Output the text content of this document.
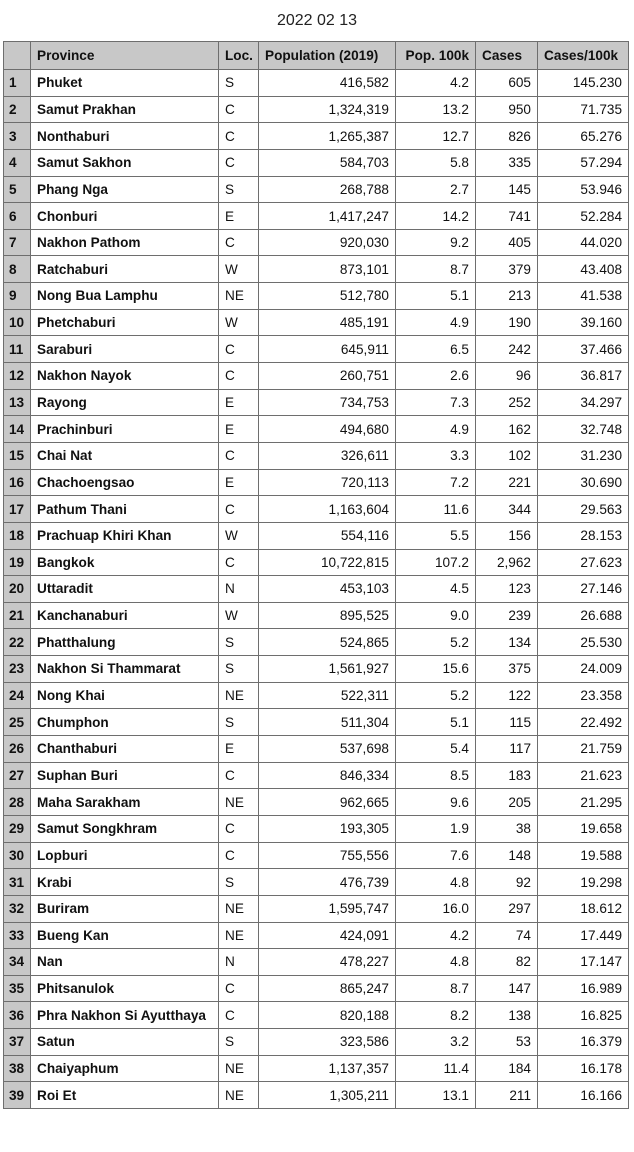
2022 02 13
	Province	Loc.	Population (2019)	Pop. 100k	Cases	Cases/100k
1	Phuket	S	416,582	4.2	605	145.230
2	Samut Prakhan	C	1,324,319	13.2	950	71.735
3	Nonthaburi	C	1,265,387	12.7	826	65.276
4	Samut Sakhon	C	584,703	5.8	335	57.294
5	Phang Nga	S	268,788	2.7	145	53.946
6	Chonburi	E	1,417,247	14.2	741	52.284
7	Nakhon Pathom	C	920,030	9.2	405	44.020
8	Ratchaburi	W	873,101	8.7	379	43.408
9	Nong Bua Lamphu	NE	512,780	5.1	213	41.538
10	Phetchaburi	W	485,191	4.9	190	39.160
11	Saraburi	C	645,911	6.5	242	37.466
12	Nakhon Nayok	C	260,751	2.6	96	36.817
13	Rayong	E	734,753	7.3	252	34.297
14	Prachinburi	E	494,680	4.9	162	32.748
15	Chai Nat	C	326,611	3.3	102	31.230
16	Chachoengsao	E	720,113	7.2	221	30.690
17	Pathum Thani	C	1,163,604	11.6	344	29.563
18	Prachuap Khiri Khan	W	554,116	5.5	156	28.153
19	Bangkok	C	10,722,815	107.2	2,962	27.623
20	Uttaradit	N	453,103	4.5	123	27.146
21	Kanchanaburi	W	895,525	9.0	239	26.688
22	Phatthalung	S	524,865	5.2	134	25.530
23	Nakhon Si Thammarat	S	1,561,927	15.6	375	24.009
24	Nong Khai	NE	522,311	5.2	122	23.358
25	Chumphon	S	511,304	5.1	115	22.492
26	Chanthaburi	E	537,698	5.4	117	21.759
27	Suphan Buri	C	846,334	8.5	183	21.623
28	Maha Sarakham	NE	962,665	9.6	205	21.295
29	Samut Songkhram	C	193,305	1.9	38	19.658
30	Lopburi	C	755,556	7.6	148	19.588
31	Krabi	S	476,739	4.8	92	19.298
32	Buriram	NE	1,595,747	16.0	297	18.612
33	Bueng Kan	NE	424,091	4.2	74	17.449
34	Nan	N	478,227	4.8	82	17.147
35	Phitsanulok	C	865,247	8.7	147	16.989
36	Phra Nakhon Si Ayutthaya	C	820,188	8.2	138	16.825
37	Satun	S	323,586	3.2	53	16.379
38	Chaiyaphum	NE	1,137,357	11.4	184	16.178
39	Roi Et	NE	1,305,211	13.1	211	16.166
